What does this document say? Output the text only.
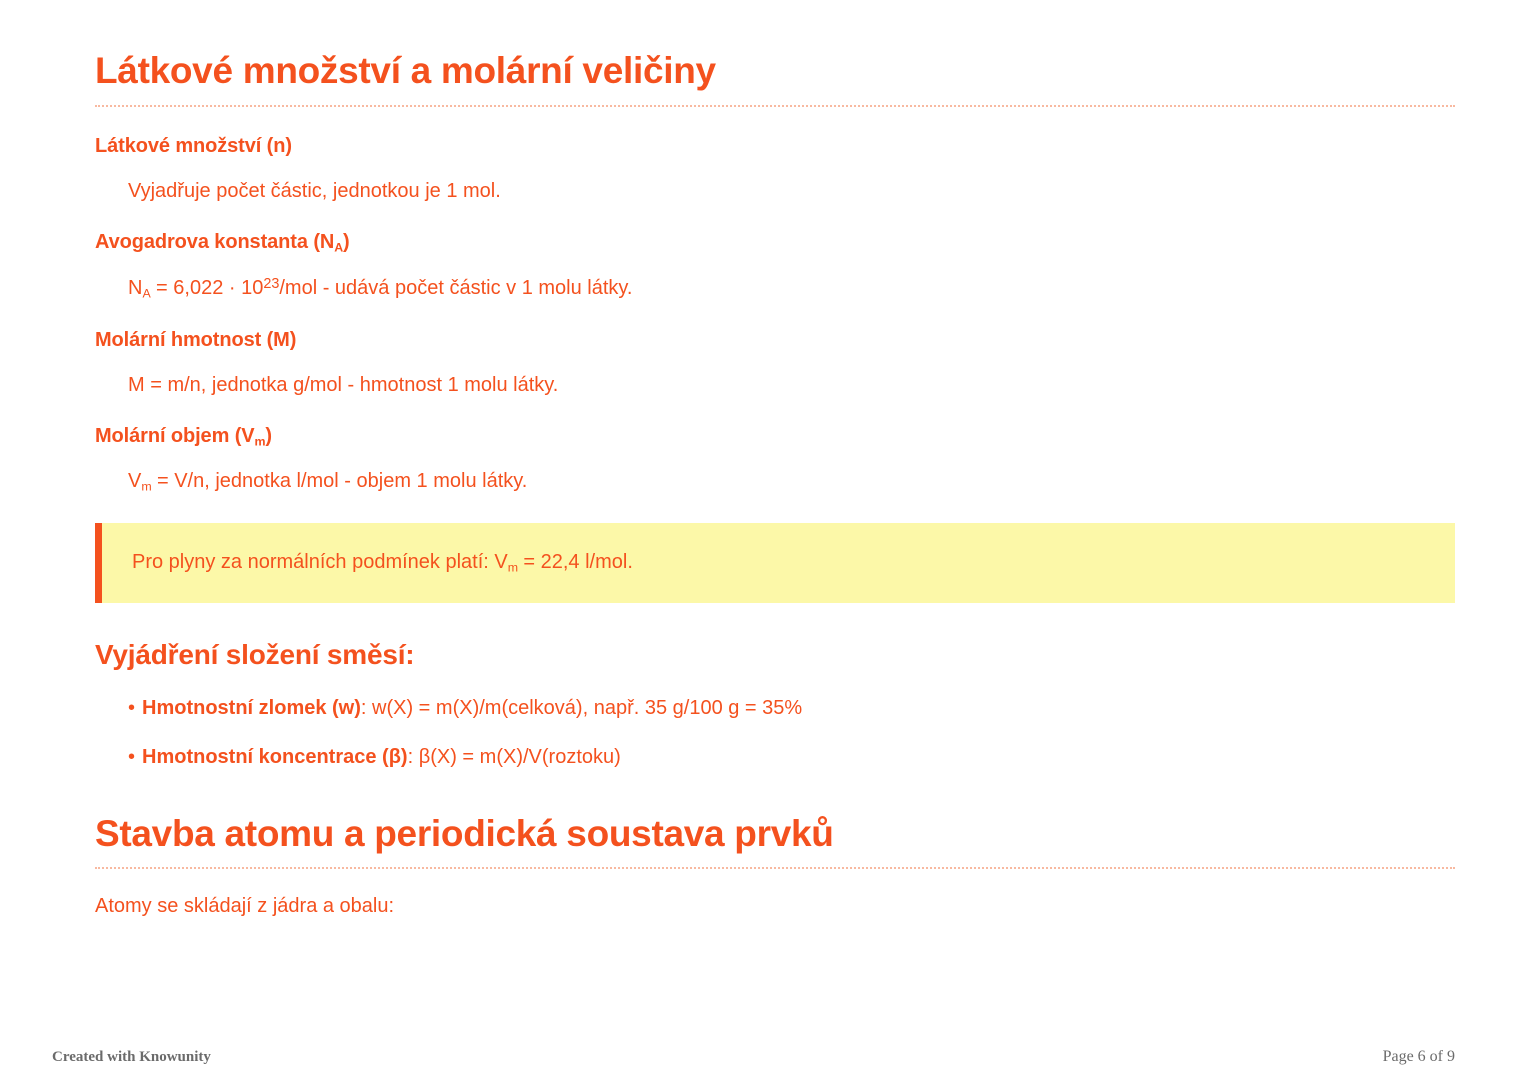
Látkové množství a molární veličiny
Látkové množství (n)

Vyjadřuje počet částic, jednotkou je 1 mol.

Avogadrova konstanta $(N_A)$

$N_A = 6,022 \cdot 10^{23}/mol$ - udává počet částic v 1 molu látky.

Molární hmotnost (M)

M = m/n, jednotka g/mol - hmotnost 1 molu látky.

Molární objem $(V_m)$

$V_m = V/n$, jednotka l/mol - objem 1 molu látky.

Pro plyny za normálních podmínek platí: $V_m = 22,4$ l/mol.
Vyjádření složení směsí:
• Hmotnostní zlomek (w): w(X) = m(X)/m(celková), např. 35 g/100 g = 35%
• Hmotnostní koncentrace (β): β(X) = m(X)/V(roztoku)
Stavba atomu a periodická soustava prvků

Atomy se skládají z jádra a obalu:

Created with Knowunity	Page 6 of 9
